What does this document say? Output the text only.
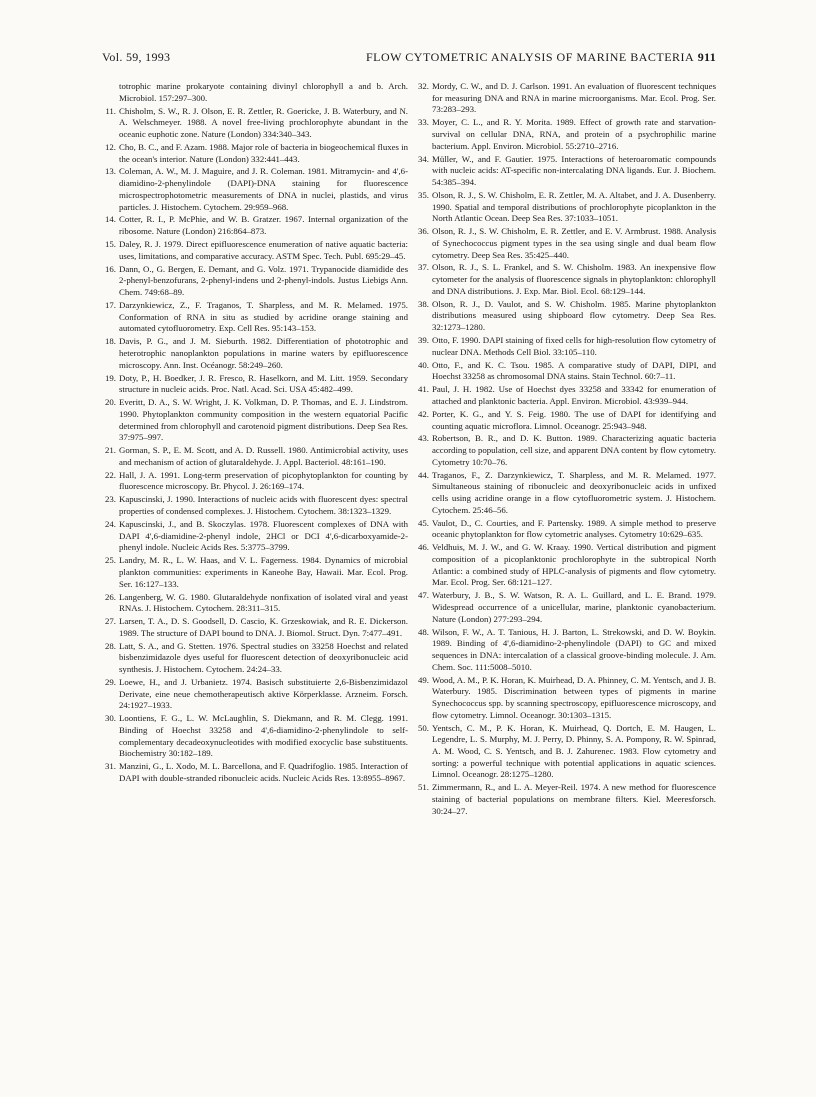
Vol. 59, 1993	FLOW CYTOMETRIC ANALYSIS OF MARINE BACTERIA 911

totrophic marine prokaryote containing divinyl chlorophyll a and b. Arch. Microbiol. 157:297–300.

11. Chisholm, S. W., R. J. Olson, E. R. Zettler, R. Goericke, J. B. Waterbury, and N. A. Welschmeyer. 1988. A novel free-living prochlorophyte abundant in the oceanic euphotic zone. Nature (London) 334:340–343.

12. Cho, B. C., and F. Azam. 1988. Major role of bacteria in biogeochemical fluxes in the ocean's interior. Nature (London) 332:441–443.

13. Coleman, A. W., M. J. Maguire, and J. R. Coleman. 1981. Mitramycin- and 4',6-diamidino-2-phenylindole (DAPI)-DNA staining for fluorescence microspectrophotometric measurements of DNA in nuclei, plastids, and virus particles. J. Histochem. Cytochem. 29:959–968.

14. Cotter, R. I., P. McPhie, and W. B. Gratzer. 1967. Internal organization of the ribosome. Nature (London) 216:864–873.

15. Daley, R. J. 1979. Direct epifluorescence enumeration of native aquatic bacteria: uses, limitations, and comparative accuracy. ASTM Spec. Tech. Publ. 695:29–45.

16. Dann, O., G. Bergen, E. Demant, and G. Volz. 1971. Trypanocide diamidide des 2-phenyl-benzofurans, 2-phenyl-indens und 2-phenyl-indols. Justus Liebigs Ann. Chem. 749:68–89.

17. Darzynkiewicz, Z., F. Traganos, T. Sharpless, and M. R. Melamed. 1975. Conformation of RNA in situ as studied by acridine orange staining and automated cytofluorometry. Exp. Cell Res. 95:143–153.

18. Davis, P. G., and J. M. Sieburth. 1982. Differentiation of phototrophic and heterotrophic nanoplankton populations in marine waters by epifluorescence microscopy. Ann. Inst. Océanogr. 58:249–260.

19. Doty, P., H. Boedker, J. R. Fresco, R. Haselkorn, and M. Litt. 1959. Secondary structure in nucleic acids. Proc. Natl. Acad. Sci. USA 45:482–499.

20. Everitt, D. A., S. W. Wright, J. K. Volkman, D. P. Thomas, and E. J. Lindstrom. 1990. Phytoplankton community composition in the western equatorial Pacific determined from chlorophyll and carotenoid pigment distributions. Deep Sea Res. 37:975–997.

21. Gorman, S. P., E. M. Scott, and A. D. Russell. 1980. Antimicrobial activity, uses and mechanism of action of glutaraldehyde. J. Appl. Bacteriol. 48:161–190.

22. Hall, J. A. 1991. Long-term preservation of picophytoplankton for counting by fluorescence microscopy. Br. Phycol. J. 26:169–174.

23. Kapuscinski, J. 1990. Interactions of nucleic acids with fluorescent dyes: spectral properties of condensed complexes. J. Histochem. Cytochem. 38:1323–1329.

24. Kapuscinski, J., and B. Skoczylas. 1978. Fluorescent complexes of DNA with DAPI 4',6-diamidine-2-phenyl indole, 2HCl or DCI 4',6-dicarboxyamide-2-phenyl indole. Nucleic Acids Res. 5:3775–3799.

25. Landry, M. R., L. W. Haas, and V. L. Fagerness. 1984. Dynamics of microbial plankton communities: experiments in Kaneohe Bay, Hawaii. Mar. Ecol. Prog. Ser. 16:127–133.

26. Langenberg, W. G. 1980. Glutaraldehyde nonfixation of isolated viral and yeast RNAs. J. Histochem. Cytochem. 28:311–315.

27. Larsen, T. A., D. S. Goodsell, D. Cascio, K. Grzeskowiak, and R. E. Dickerson. 1989. The structure of DAPI bound to DNA. J. Biomol. Struct. Dyn. 7:477–491.

28. Latt, S. A., and G. Stetten. 1976. Spectral studies on 33258 Hoechst and related bisbenzimidazole dyes useful for fluorescent detection of deoxyribonucleic acid synthesis. J. Histochem. Cytochem. 24:24–33.

29. Loewe, H., and J. Urbanietz. 1974. Basisch substituierte 2,6-Bisbenzimidazol Derivate, eine neue chemotherapeutisch aktive Körperklasse. Arzneim. Forsch. 24:1927–1933.

30. Loontiens, F. G., L. W. McLaughlin, S. Diekmann, and R. M. Clegg. 1991. Binding of Hoechst 33258 and 4',6-diamidino-2-phenylindole to self-complementary decadeoxynucleotides with modified exocyclic base substituents. Biochemistry 30:182–189.

31. Manzini, G., L. Xodo, M. L. Barcellona, and F. Quadrifoglio. 1985. Interaction of DAPI with double-stranded ribonucleic acids. Nucleic Acids Res. 13:8955–8967.

32. Mordy, C. W., and D. J. Carlson. 1991. An evaluation of fluorescent techniques for measuring DNA and RNA in marine microorganisms. Mar. Ecol. Prog. Ser. 73:283–293.

33. Moyer, C. L., and R. Y. Morita. 1989. Effect of growth rate and starvation-survival on cellular DNA, RNA, and protein of a psychrophilic marine bacterium. Appl. Environ. Microbiol. 55:2710–2716.

34. Müller, W., and F. Gautier. 1975. Interactions of heteroaromatic compounds with nucleic acids: AT-specific non-intercalating DNA ligands. Eur. J. Biochem. 54:385–394.

35. Olson, R. J., S. W. Chisholm, E. R. Zettler, M. A. Altabet, and J. A. Dusenberry. 1990. Spatial and temporal distributions of prochlorophyte picoplankton in the North Atlantic Ocean. Deep Sea Res. 37:1033–1051.

36. Olson, R. J., S. W. Chisholm, E. R. Zettler, and E. V. Armbrust. 1988. Analysis of Synechococcus pigment types in the sea using single and dual beam flow cytometry. Deep Sea Res. 35:425–440.

37. Olson, R. J., S. L. Frankel, and S. W. Chisholm. 1983. An inexpensive flow cytometer for the analysis of fluorescence signals in phytoplankton: chlorophyll and DNA distributions. J. Exp. Mar. Biol. Ecol. 68:129–144.

38. Olson, R. J., D. Vaulot, and S. W. Chisholm. 1985. Marine phytoplankton distributions measured using shipboard flow cytometry. Deep Sea Res. 32:1273–1280.

39. Otto, F. 1990. DAPI staining of fixed cells for high-resolution flow cytometry of nuclear DNA. Methods Cell Biol. 33:105–110.

40. Otto, F., and K. C. Tsou. 1985. A comparative study of DAPI, DIPI, and Hoechst 33258 as chromosomal DNA stains. Stain Technol. 60:7–11.

41. Paul, J. H. 1982. Use of Hoechst dyes 33258 and 33342 for enumeration of attached and planktonic bacteria. Appl. Environ. Microbiol. 43:939–944.

42. Porter, K. G., and Y. S. Feig. 1980. The use of DAPI for identifying and counting aquatic microflora. Limnol. Oceanogr. 25:943–948.

43. Robertson, B. R., and D. K. Button. 1989. Characterizing aquatic bacteria according to population, cell size, and apparent DNA content by flow cytometry. Cytometry 10:70–76.

44. Traganos, F., Z. Darzynkiewicz, T. Sharpless, and M. R. Melamed. 1977. Simultaneous staining of ribonucleic and deoxyribonucleic acids in unfixed cells using acridine orange in a flow cytofluorometric system. J. Histochem. Cytochem. 25:46–56.

45. Vaulot, D., C. Courties, and F. Partensky. 1989. A simple method to preserve oceanic phytoplankton for flow cytometric analyses. Cytometry 10:629–635.

46. Veldhuis, M. J. W., and G. W. Kraay. 1990. Vertical distribution and pigment composition of a picoplanktonic prochlorophyte in the subtropical North Atlantic: a combined study of HPLC-analysis of pigments and flow cytometry. Mar. Ecol. Prog. Ser. 68:121–127.

47. Waterbury, J. B., S. W. Watson, R. A. L. Guillard, and L. E. Brand. 1979. Widespread occurrence of a unicellular, marine, planktonic cyanobacterium. Nature (London) 277:293–294.

48. Wilson, F. W., A. T. Tanious, H. J. Barton, L. Strekowski, and D. W. Boykin. 1989. Binding of 4',6-diamidino-2-phenylindole (DAPI) to GC and mixed sequences in DNA: intercalation of a classical groove-binding molecule. J. Am. Chem. Soc. 111:5008–5010.

49. Wood, A. M., P. K. Horan, K. Muirhead, D. A. Phinney, C. M. Yentsch, and J. B. Waterbury. 1985. Discrimination between types of pigments in marine Synechococcus spp. by scanning spectroscopy, epifluorescence microscopy, and flow cytometry. Limnol. Oceanogr. 30:1303–1315.

50. Yentsch, C. M., P. K. Horan, K. Muirhead, Q. Dortch, E. M. Haugen, L. Legendre, L. S. Murphy, M. J. Perry, D. Phinny, S. A. Pompony, R. W. Spinrad, A. M. Wood, C. S. Yentsch, and B. J. Zahurenec. 1983. Flow cytometry and sorting: a powerful technique with potential applications in aquatic sciences. Limnol. Oceanogr. 28:1275–1280.

51. Zimmermann, R., and L. A. Meyer-Reil. 1974. A new method for fluorescence staining of bacterial populations on membrane filters. Kiel. Meeresforsch. 30:24–27.
